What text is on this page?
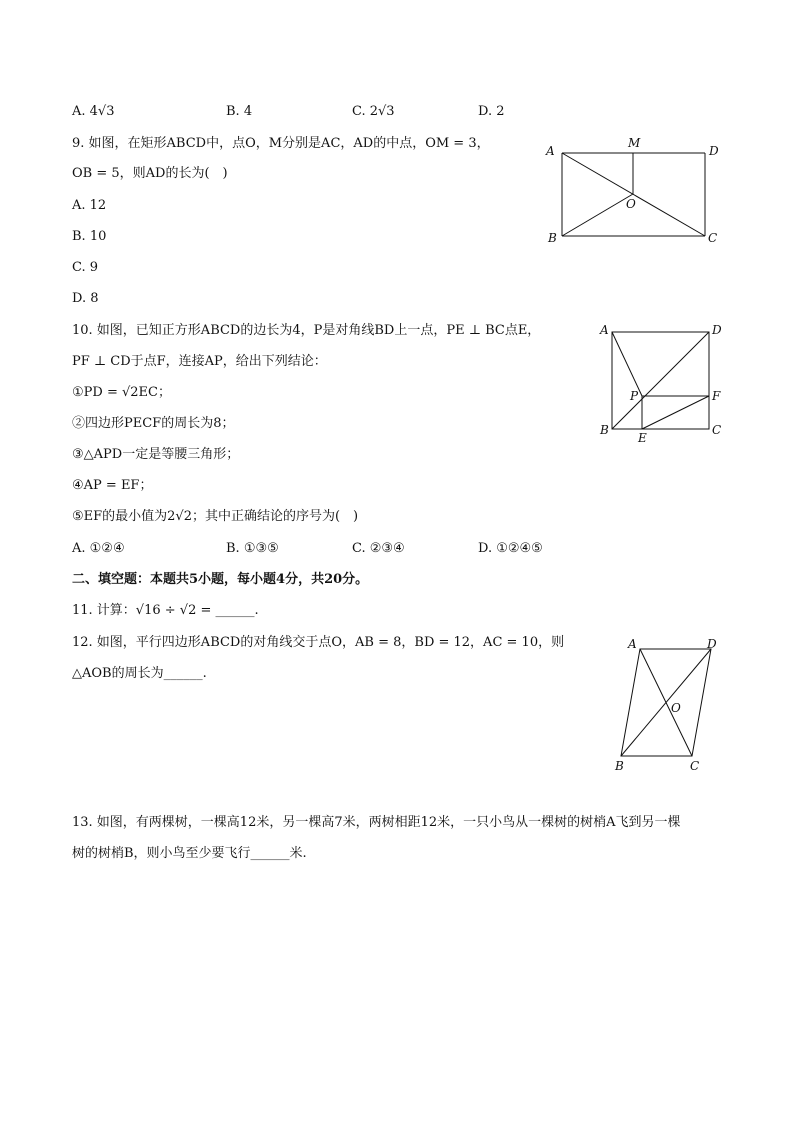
A. 4√3	B. 4	C. 2√3	D. 2
9. 如图，在矩形ABCD中，点O，M分别是AC，AD的中点，OM = 3，
OB = 5，则AD的长为(　)
A. 12
B. 10
C. 9
D. 8
A
M
D
O
B	C
10. 如图，已知正方形ABCD的边长为4，P是对角线BD上一点，PE ⊥ BC点E，
PF ⊥ CD于点F，连接AP，给出下列结论：
①PD = √2EC；
②四边形PECF的周长为8；
③△APD一定是等腰三角形；
④AP = EF；
⑤EF的最小值为2√2；其中正确结论的序号为(　)
A. ①②④	B. ①③⑤	C. ②③④	D. ①②④⑤
A	D
P	F
B
E
C
二、填空题：本题共5小题，每小题4分，共20分。
11. 计算：√16 ÷ √2 = ______.
12. 如图，平行四边形ABCD的对角线交于点O，AB = 8，BD = 12，AC = 10，则
△AOB的周长为______.
A	D
O
B	C
13. 如图，有两棵树，一棵高12米，另一棵高7米，两树相距12米，一只小鸟从一棵树的树梢A飞到另一棵
树的树梢B，则小鸟至少要飞行______米.
